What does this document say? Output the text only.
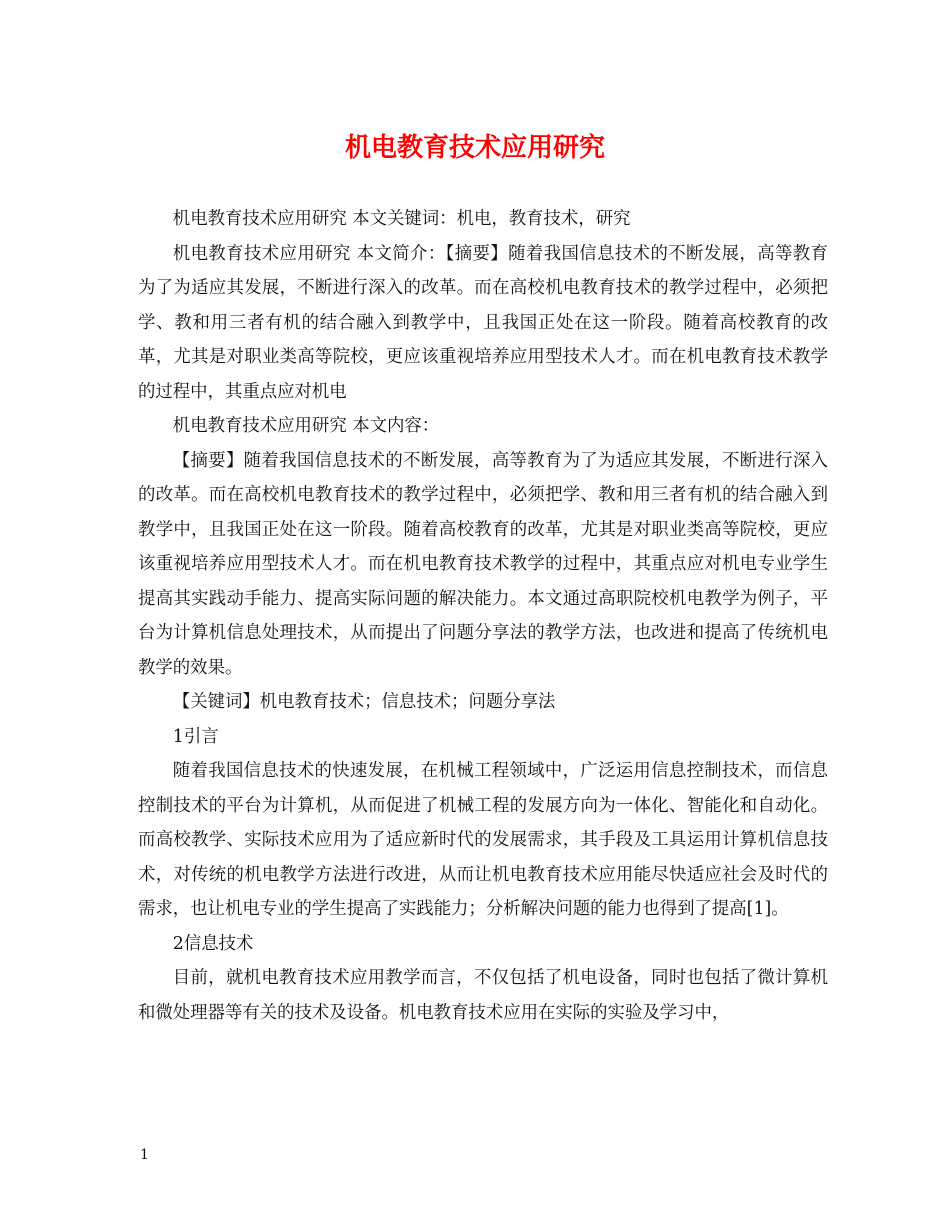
机电教育技术应用研究

机电教育技术应用研究 本文关键词：机电，教育技术，研究

机电教育技术应用研究 本文简介：【摘要】随着我国信息技术的不断发展，高等教育为了为适应其发展，不断进行深入的改革。而在高校机电教育技术的教学过程中，必须把学、教和用三者有机的结合融入到教学中，且我国正处在这一阶段。随着高校教育的改革，尤其是对职业类高等院校，更应该重视培养应用型技术人才。而在机电教育技术教学的过程中，其重点应对机电

机电教育技术应用研究 本文内容：

【摘要】随着我国信息技术的不断发展，高等教育为了为适应其发展，不断进行深入的改革。而在高校机电教育技术的教学过程中，必须把学、教和用三者有机的结合融入到教学中，且我国正处在这一阶段。随着高校教育的改革，尤其是对职业类高等院校，更应该重视培养应用型技术人才。而在机电教育技术教学的过程中，其重点应对机电专业学生提高其实践动手能力、提高实际问题的解决能力。本文通过高职院校机电教学为例子，平台为计算机信息处理技术，从而提出了问题分享法的教学方法，也改进和提高了传统机电教学的效果。

【关键词】机电教育技术；信息技术；问题分享法

1引言

随着我国信息技术的快速发展，在机械工程领域中，广泛运用信息控制技术，而信息控制技术的平台为计算机，从而促进了机械工程的发展方向为一体化、智能化和自动化。而高校教学、实际技术应用为了适应新时代的发展需求，其手段及工具运用计算机信息技术，对传统的机电教学方法进行改进，从而让机电教育技术应用能尽快适应社会及时代的需求，也让机电专业的学生提高了实践能力；分析解决问题的能力也得到了提高[1]。

2信息技术

目前，就机电教育技术应用教学而言，不仅包括了机电设备，同时也包括了微计算机和微处理器等有关的技术及设备。机电教育技术应用在实际的实验及学习中，

1
